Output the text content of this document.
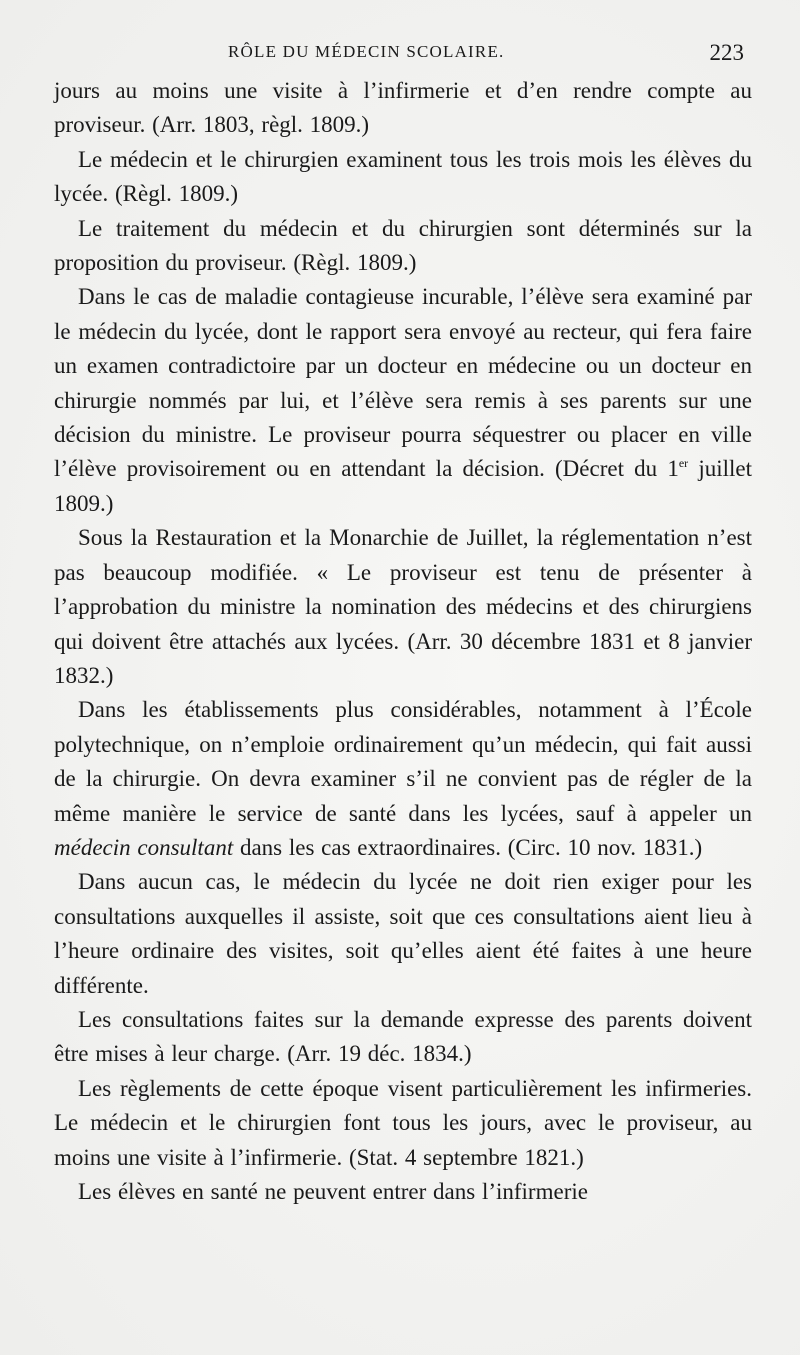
RÔLE DU MÉDECIN SCOLAIRE.	223

jours au moins une visite à l’infirmerie et d’en rendre compte au proviseur. (Arr. 1803, règl. 1809.)

Le médecin et le chirurgien examinent tous les trois mois les élèves du lycée. (Règl. 1809.)

Le traitement du médecin et du chirurgien sont déterminés sur la proposition du proviseur. (Règl. 1809.)

Dans le cas de maladie contagieuse incurable, l’élève sera examiné par le médecin du lycée, dont le rapport sera envoyé au recteur, qui fera faire un examen contradictoire par un docteur en médecine ou un docteur en chirurgie nommés par lui, et l’élève sera remis à ses parents sur une décision du ministre. Le proviseur pourra séquestrer ou placer en ville l’élève provisoirement ou en attendant la décision. (Décret du 1er juillet 1809.)

Sous la Restauration et la Monarchie de Juillet, la réglementation n’est pas beaucoup modifiée. « Le proviseur est tenu de présenter à l’approbation du ministre la nomination des médecins et des chirurgiens qui doivent être attachés aux lycées. (Arr. 30 décembre 1831 et 8 janvier 1832.)

Dans les établissements plus considérables, notamment à l’École polytechnique, on n’emploie ordinairement qu’un médecin, qui fait aussi de la chirurgie. On devra examiner s’il ne convient pas de régler de la même manière le service de santé dans les lycées, sauf à appeler un médecin consultant dans les cas extraordinaires. (Circ. 10 nov. 1831.)

Dans aucun cas, le médecin du lycée ne doit rien exiger pour les consultations auxquelles il assiste, soit que ces consultations aient lieu à l’heure ordinaire des visites, soit qu’elles aient été faites à une heure différente.

Les consultations faites sur la demande expresse des parents doivent être mises à leur charge. (Arr. 19 déc. 1834.)

Les règlements de cette époque visent particulièrement les infirmeries. Le médecin et le chirurgien font tous les jours, avec le proviseur, au moins une visite à l’infirmerie. (Stat. 4 septembre 1821.)

Les élèves en santé ne peuvent entrer dans l’infirmerie
